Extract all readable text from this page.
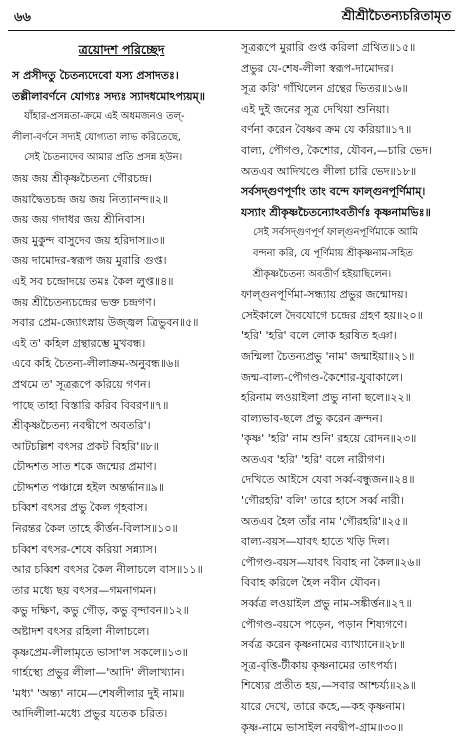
৬৬	শ্রীশ্রীচৈতন্যচরিতামৃত
ত্রয়োদশ পরিচ্ছেদ
স প্রসীদতু চৈতন্যদেবো যস্য প্রসাদতঃ।
তল্লীলাবর্ণনে যোগ্যঃ সদ্যঃ স্যাদধমোঽপ্যয়ম্‌॥
যাঁহার-প্রসন্নতা-ক্রমে এই অধমজনও তল্‌-
লীলা-বর্ণনে সদ্যই যোগ্যতা লাভ করিতেছে,
সেই চৈতন্যদেব আমার প্রতি প্রসন্ন হউন।
জয় জয় শ্রীকৃষ্ণচৈতন্য গৌরচন্দ্র।
জয়াদ্বৈতচন্দ্র জয় জয় নিত্যানন্দ॥২॥
জয় জয় গদাধর জয় শ্রীনিবাস।
জয় মুকুন্দ বাসুদেব জয় হরিদাস॥৩॥
জয় দামোদর-স্বরূপ জয় মুরারি গুপ্ত।
এই সব চন্দ্রোদয়ে তমঃ কৈল লুপ্ত॥৪॥
জয় শ্রীচৈতন্যচন্দ্রের ভক্ত চন্দ্রগণ।
সবার প্রেম-জ্যোৎস্নায় উজ্জ্বল ত্রিভুবন॥৫॥
এই ত' কহিল গ্রন্থারম্ভে মুখবন্ধ।
এবে কহি চৈতন্য-লীলাক্রম-অনুবন্ধ॥৬॥
প্রথমে ত' সূত্ররূপে করিয়ে গণন।
পাছে তাহা বিস্তারি করিব বিবরণ॥৭॥
শ্রীকৃষ্ণচৈতন্য নবদ্বীপে অবতরি'।
আটচল্লিশ বৎসর প্রকট বিহরি'॥৮॥
চৌদ্দশত সাত শকে জন্মের প্রমাণ।
চৌদ্দশত পঞ্চান্নে হইল অন্তর্দ্ধান॥৯॥
চব্বিশ বৎসর প্রভু কৈল গৃহবাস।
নিরন্তর কৈল তাহে কীর্ত্তন-বিলাস॥১০॥
চব্বিশ বৎসর-শেষে করিয়া সন্ন্যাস।
আর চব্বিশ বৎসর কৈল নীলাচলে বাস॥১১॥
তার মধ্যে ছয় বৎসর—গমনাগমন।
কভু দক্ষিণ, কভু গৌড়, কভু বৃন্দাবন॥১২॥
অষ্টাদশ বৎসর রহিলা নীলাচলে।
কৃষ্ণপ্রেম-লীলামৃতে ভাসা'ল সকলে॥১৩॥
গার্হস্থ্যে প্রভুর লীলা—'আদি' লীলাখ্যান।
'মধ্য' 'অন্ত্য' নামে—শেষলীলার দুই নাম॥
আদিলীলা-মধ্যে প্রভুর যতেক চরিত।
সূত্ররূপে মুরারি গুপ্ত করিলা গ্রথিত॥১৫॥
প্রভুর যে-শেষ-লীলা স্বরূপ-দামোদর।
সূত্র করি' গাঁথিলেন গ্রন্থের ভিতর॥১৬॥
এই দুই জনের সূত্র দেখিয়া শুনিয়া।
বর্ণনা করেন বৈষ্ণব ক্রম যে করিয়া॥১৭॥
বাল্য, পৌগণ্ড, কৈশোর, যৌবন,—চারি ভেদ।
অতএব আদিখণ্ডে লীলা চারি ভেদ॥১৮॥
সর্বসদ্গুণপূর্ণাং তাং বন্দে ফাল্গুনপূর্ণিমাম্‌।
যস্যাং শ্রীকৃষ্ণচৈতন্যোঽবতীর্ণঃ কৃষ্ণনামভিঃ॥
সেই সর্বসদ্গুণপূর্ণ ফাল্গুনপূর্ণিমাকে আমি
বন্দনা করি, যে পূর্ণিমায় শ্রীকৃষ্ণনাম-সহিত
শ্রীকৃষ্ণচৈতন্য অবতীর্ণ হইয়াছিলেন।
ফাল্গুনপূর্ণিমা-সন্ধ্যায় প্রভুর জন্মোদয়।
সেইকালে দৈবযোগে চন্দ্রের গ্রহণ হয়॥২০॥
'হরি' 'হরি' বলে লোক হরষিত হঞা।
জন্মিলা চৈতন্যপ্রভু 'নাম' জন্মাইয়া॥২১॥
জন্ম-বাল্য-পৌগণ্ড-কৈশোর-যুবাকালে।
হরিনাম লওয়াইলা প্রভু নানা ছলে॥২২॥
বাল্যভাব-ছলে প্রভু করেন ক্রন্দন।
'কৃষ্ণ' 'হরি' নাম শুনি' রহয়ে রোদন॥২৩॥
অতএব 'হরি' 'হরি' বলে নারীগণ।
দেখিতে আইসে যেবা সর্ব্ব-বন্ধুজন॥২৪॥
'গৌরহরি' বলি' তারে হাসে সর্ব্ব নারী।
অতএব হৈল তাঁর নাম 'গৌরহরি'॥২৫॥
বাল্য-বয়স—যাবৎ হাতে খড়ি দিল।
পৌগণ্ড-বয়স—যাবৎ বিবাহ না কৈল॥২৬॥
বিবাহ করিলে হৈল নবীন যৌবন।
সর্ব্বত্র লওয়াইল প্রভু নাম-সঙ্কীর্ত্তন॥২৭॥
পৌগণ্ড-বয়সে পড়েন, পড়ান শিষ্যগণে।
সর্বত্র করেন কৃষ্ণনামের ব্যাখ্যানে॥২৮॥
সূত্র-বৃত্তি-টীকায় কৃষ্ণনামের তাৎপর্য্য।
শিষ্যের প্রতীত হয়,—সবার আশ্চর্য্য॥২৯॥
যারে দেখে, তারে কহে,—কহ কৃষ্ণনাম।
কৃষ্ণ-নামে ভাসাইল নবদ্বীপ-গ্রাম॥৩০॥
